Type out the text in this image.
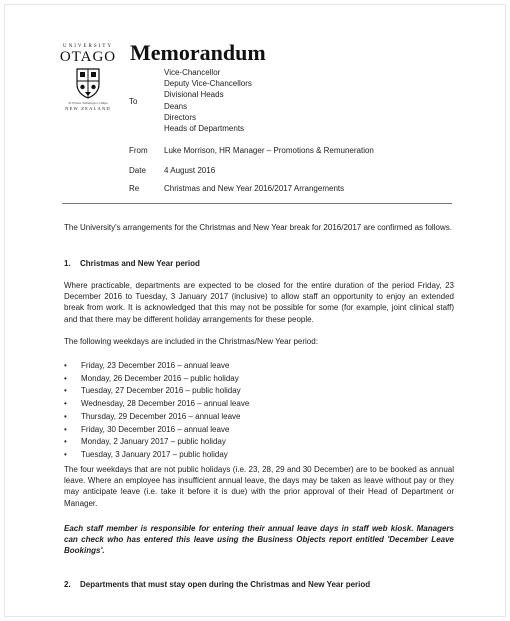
UNIVERSITY
OTAGO
Te Whare Wānanga o Otāgo
NEW ZEALAND
Memorandum
To
Vice-Chancellor
Deputy Vice-Chancellors
Divisional Heads
Deans
Directors
Heads of Departments
From Luke Morrison, HR Manager – Promotions & Remuneration
Date 4 August 2016
Re	Christmas and New Year 2016/2017 Arrangements

The University's arrangements for the Christmas and New Year break for 2016/2017 are confirmed as follows.

1. Christmas and New Year period

Where practicable, departments are expected to be closed for the entire duration of the period Friday, 23 December 2016 to Tuesday, 3 January 2017 (inclusive) to allow staff an opportunity to enjoy an extended break from work. It is acknowledged that this may not be possible for some (for example, joint clinical staff) and that there may be different holiday arrangements for these people.

The following weekdays are included in the Christmas/New Year period:

• Friday, 23 December 2016 – annual leave
• Monday, 26 December 2016 – public holiday
• Tuesday, 27 December 2016 – public holiday
• Wednesday, 28 December 2016 – annual leave
• Thursday, 29 December 2016 – annual leave
• Friday, 30 December 2016 – annual leave
• Monday, 2 January 2017 – public holiday
• Tuesday, 3 January 2017 – public holiday

The four weekdays that are not public holidays (i.e. 23, 28, 29 and 30 December) are to be booked as annual leave. Where an employee has insufficient annual leave, the days may be taken as leave without pay or they may anticipate leave (i.e. take it before it is due) with the prior approval of their Head of Department or Manager.

Each staff member is responsible for entering their annual leave days in staff web kiosk. Managers can check who has entered this leave using the Business Objects report entitled 'December Leave Bookings'.

2. Departments that must stay open during the Christmas and New Year period
